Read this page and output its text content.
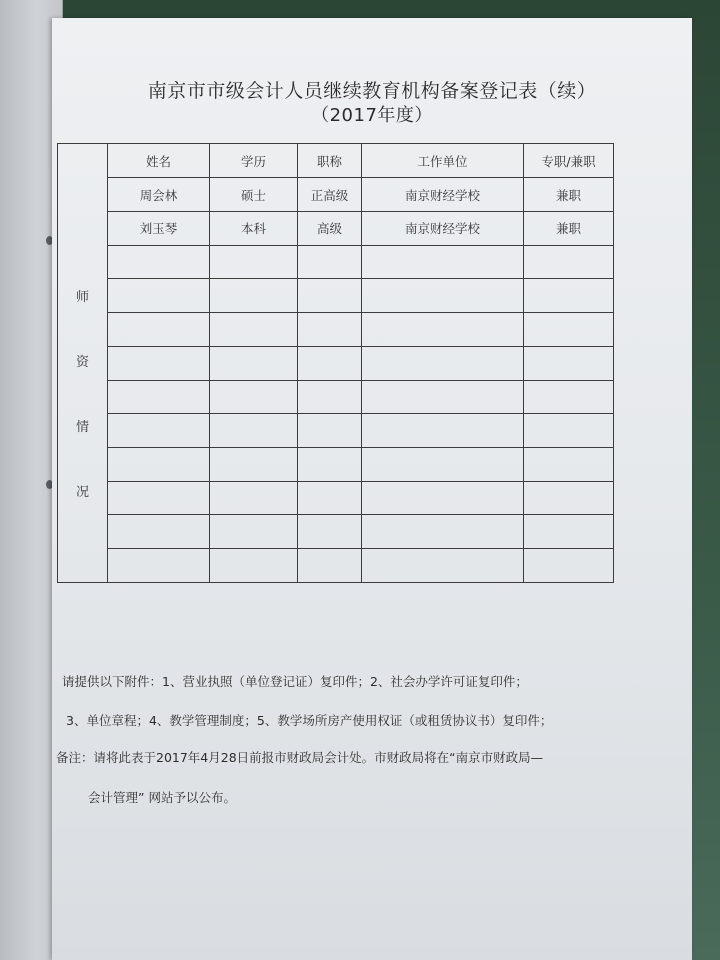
南京市市级会计人员继续教育机构备案登记表（续）
（2017年度）
师
资
情
况	姓名	学历	职称	工作单位	专职/兼职
	周会林	硕士	正高级	南京财经学校	兼职
	刘玉琴	本科	高级	南京财经学校	兼职

请提供以下附件：1、营业执照（单位登记证）复印件；2、社会办学许可证复印件；
3、单位章程；4、教学管理制度；5、教学场所房产使用权证（或租赁协议书）复印件；
备注：请将此表于2017年4月28日前报市财政局会计处。市财政局将在“南京市财政局—
会计管理” 网站予以公布。
